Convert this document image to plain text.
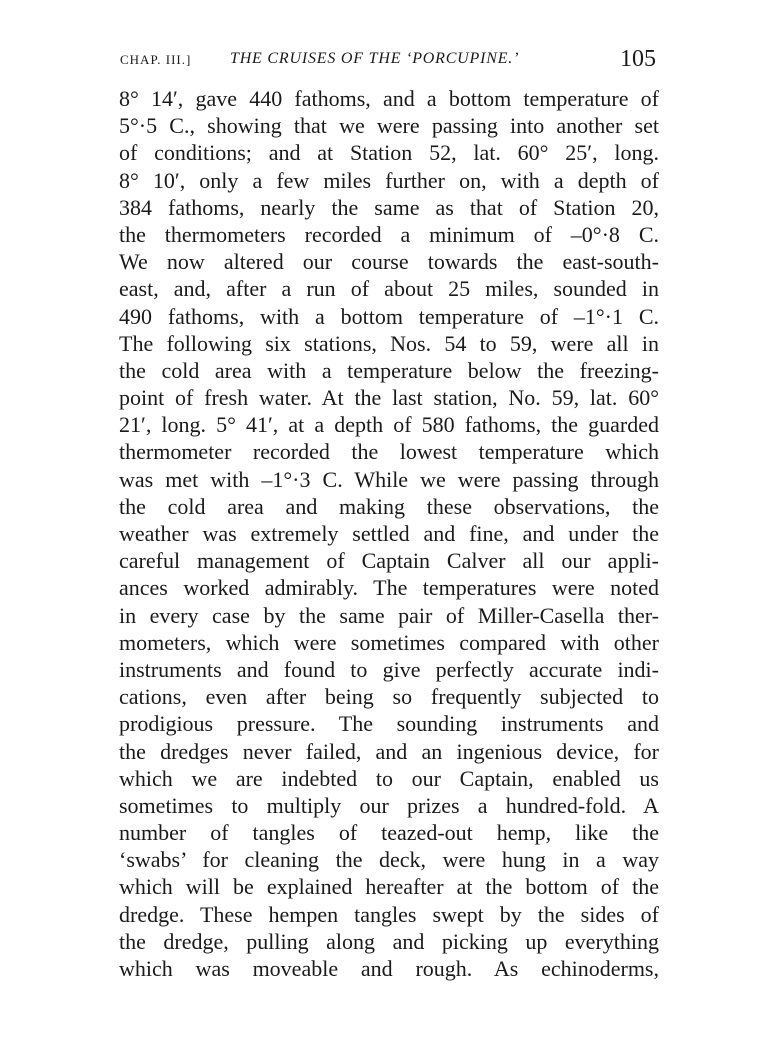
CHAP. III.] THE CRUISES OF THE ‘PORCUPINE.’	105

8° 14′, gave 440 fathoms, and a bottom temperature of
5°·5 C., showing that we were passing into another set
of conditions; and at Station 52, lat. 60° 25′, long.
8° 10′, only a few miles further on, with a depth of
384 fathoms, nearly the same as that of Station 20,
the thermometers recorded a minimum of –0°·8 C.
We now altered our course towards the east-south-
east, and, after a run of about 25 miles, sounded in
490 fathoms, with a bottom temperature of –1°·1 C.
The following six stations, Nos. 54 to 59, were all in
the cold area with a temperature below the freezing-
point of fresh water. At the last station, No. 59, lat. 60°
21′, long. 5° 41′, at a depth of 580 fathoms, the guarded
thermometer recorded the lowest temperature which
was met with –1°·3 C. While we were passing through
the cold area and making these observations, the
weather was extremely settled and fine, and under the
careful management of Captain Calver all our appli-
ances worked admirably. The temperatures were noted
in every case by the same pair of Miller-Casella ther-
mometers, which were sometimes compared with other
instruments and found to give perfectly accurate indi-
cations, even after being so frequently subjected to
prodigious pressure. The sounding instruments and
the dredges never failed, and an ingenious device, for
which we are indebted to our Captain, enabled us
sometimes to multiply our prizes a hundred-fold. A
number of tangles of teazed-out hemp, like the
‘swabs’ for cleaning the deck, were hung in a way
which will be explained hereafter at the bottom of the
dredge. These hempen tangles swept by the sides of
the dredge, pulling along and picking up everything
which was moveable and rough. As echinoderms,
